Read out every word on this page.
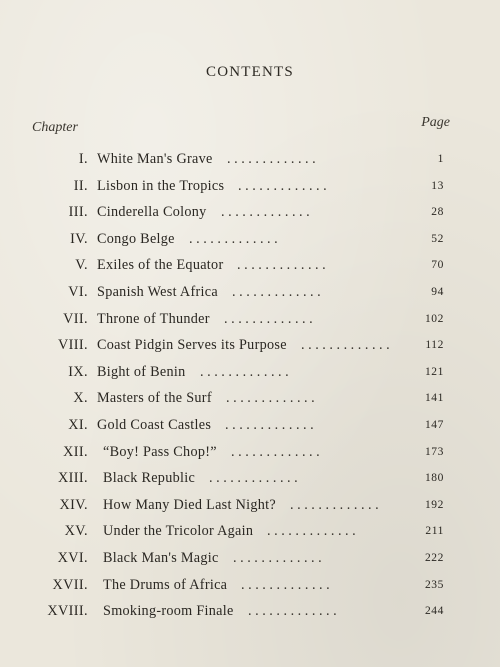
CONTENTS
Chapter	Page
I. White Man's Grave . . . . . . . . . . . . .	1
II. Lisbon in the Tropics . . . . . . . . . . . . .	13
III. Cinderella Colony . . . . . . . . . . . . .	28
IV. Congo Belge . . . . . . . . . . . . .	52
V. Exiles of the Equator . . . . . . . . . . . . .	70
VI. Spanish West Africa . . . . . . . . . . . . .	94
VII. Throne of Thunder . . . . . . . . . . . . .	102
VIII. Coast Pidgin Serves its Purpose . . . . . . . . . . . . .	112
IX. Bight of Benin . . . . . . . . . . . . .	121
X. Masters of the Surf . . . . . . . . . . . . .	141
XI. Gold Coast Castles . . . . . . . . . . . . .	147
XII. “Boy! Pass Chop!” . . . . . . . . . . . . .	173
XIII. Black Republic . . . . . . . . . . . . .	180
XIV. How Many Died Last Night? . . . . . . . . . . . . .	192
XV. Under the Tricolor Again . . . . . . . . . . . . .	211
XVI. Black Man's Magic . . . . . . . . . . . . .	222
XVII. The Drums of Africa . . . . . . . . . . . . .	235
XVIII. Smoking-room Finale . . . . . . . . . . . . .	244
